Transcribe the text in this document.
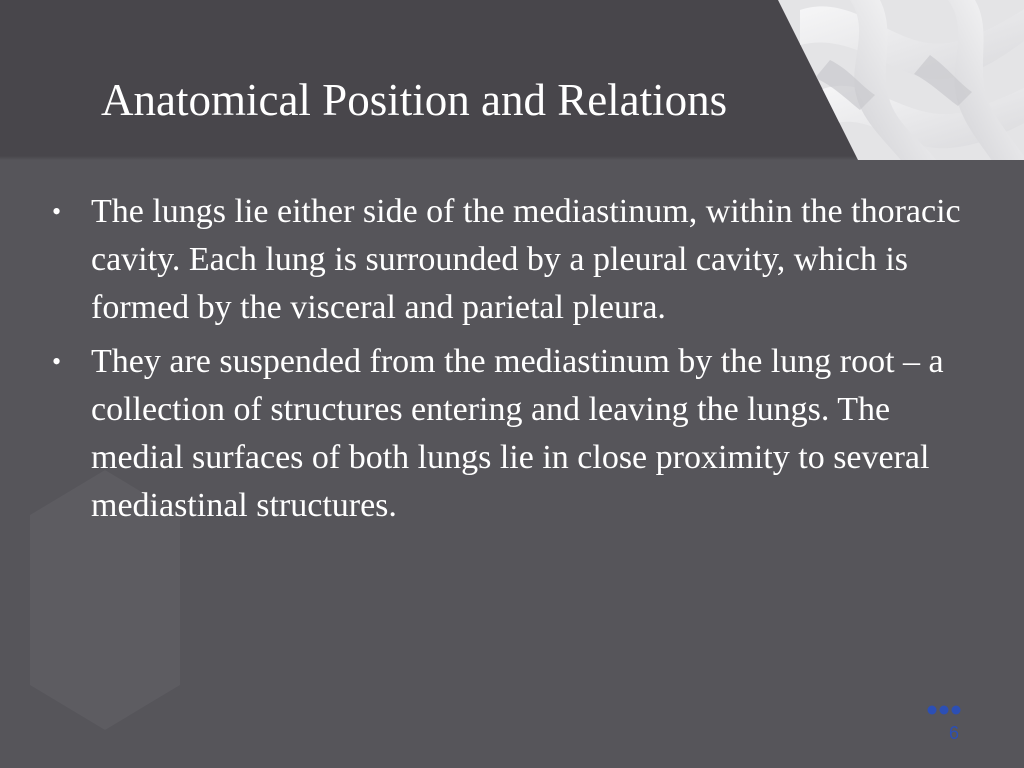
Anatomical Position and Relations
• The lungs lie either side of the mediastinum, within the thoracic cavity. Each lung is surrounded by a pleural cavity, which is formed by the visceral and parietal pleura.
• They are suspended from the mediastinum by the lung root – a collection of structures entering and leaving the lungs. The medial surfaces of both lungs lie in close proximity to several mediastinal structures.
6
